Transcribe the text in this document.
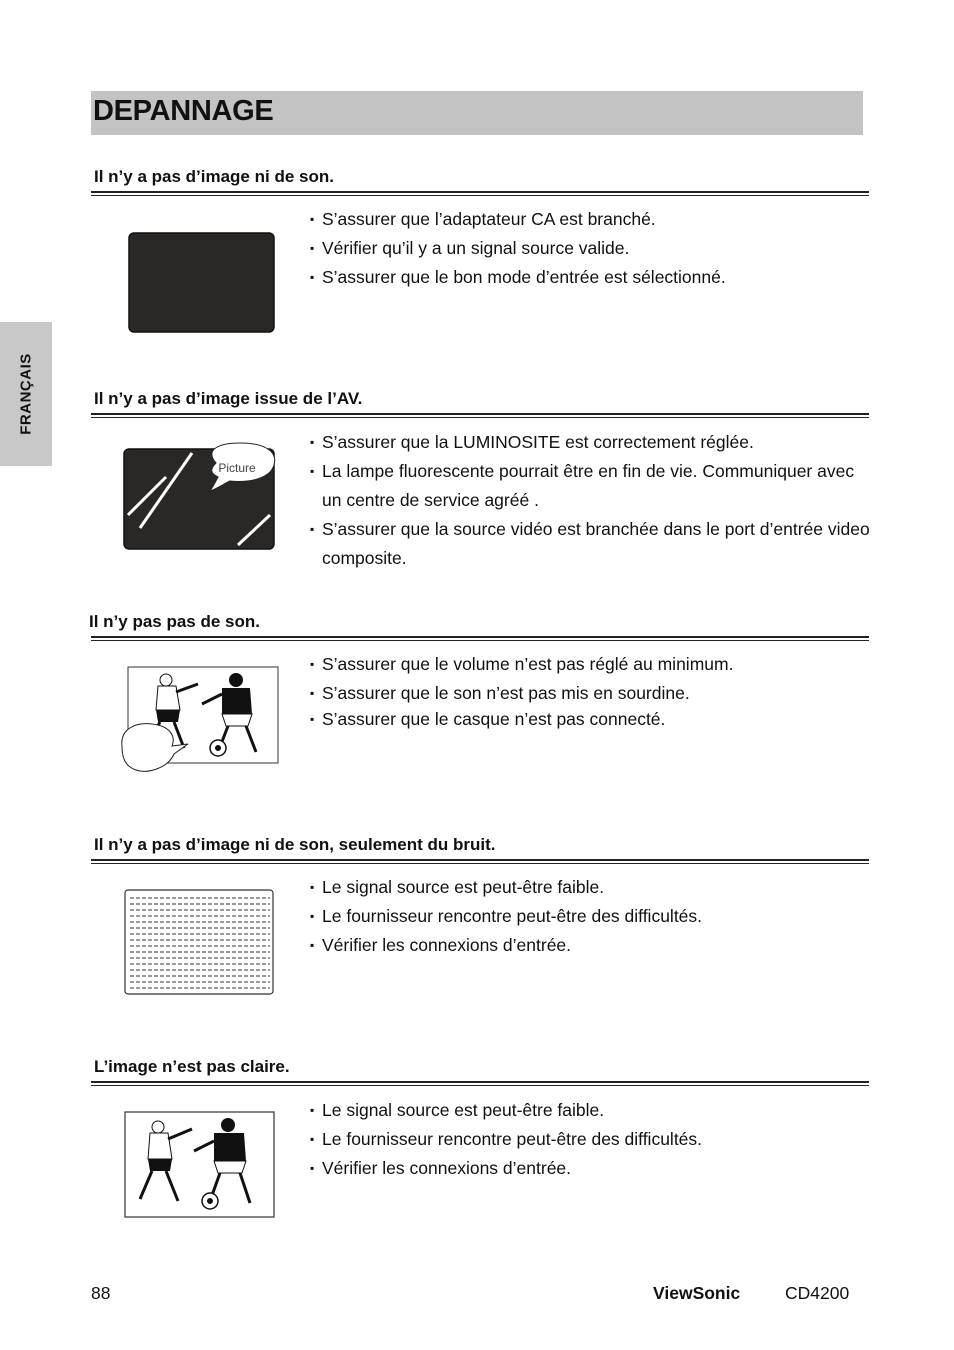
DEPANNAGE
FRANÇAIS
Il n’y a pas d’image ni de son.
▪ S’assurer que l’adaptateur CA est branché.
▪ Vérifier qu’il y a un signal source valide.
▪ S’assurer que le bon mode d’entrée est sélectionné.
Il n’y a pas d’image issue de l’AV.
Picture
▪ S’assurer que la LUMINOSITE est correctement réglée.
▪ La lampe fluorescente pourrait être en fin de vie. Communiquer avec un centre de service agréé .
▪ S’assurer que la source vidéo est branchée dans le port d’entrée video composite.
Il n’y pas pas de son.
▪ S’assurer que le volume n’est pas réglé au minimum.
▪ S’assurer que le son n’est pas mis en sourdine.
▪ S’assurer que le casque n’est pas connecté.
Il n’y a pas d’image ni de son, seulement du bruit.
▪ Le signal source est peut-être faible.
▪ Le fournisseur rencontre peut-être des difficultés.
▪ Vérifier les connexions d’entrée.
L’image n’est pas claire.
▪ Le signal source est peut-être faible.
▪ Le fournisseur rencontre peut-être des difficultés.
▪ Vérifier les connexions d’entrée.
88	ViewSonic	CD4200
